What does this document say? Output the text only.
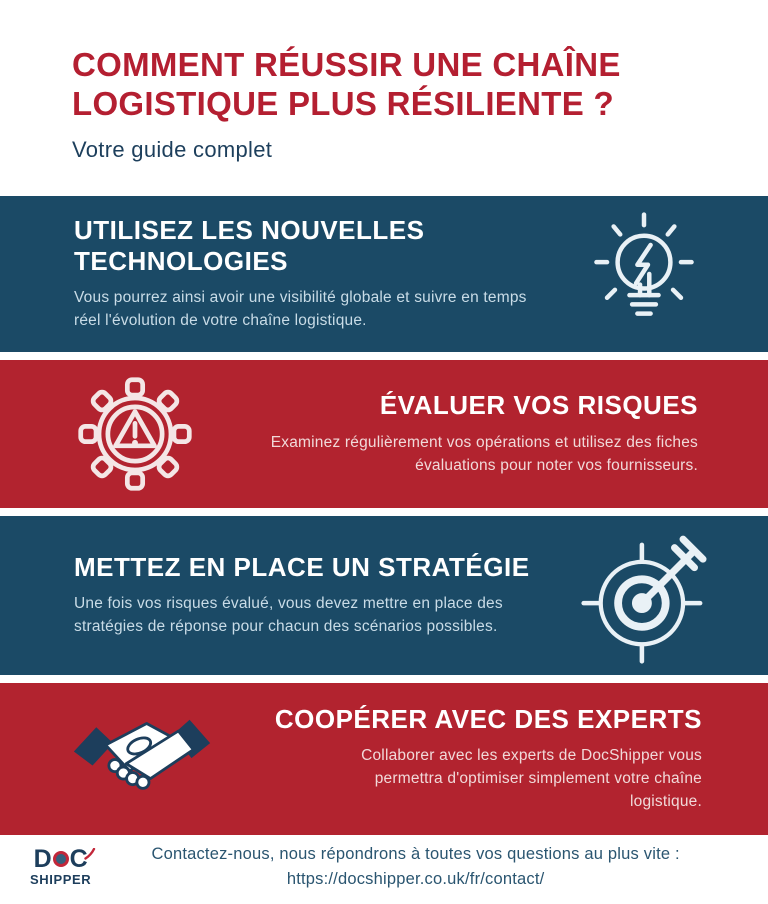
COMMENT RÉUSSIR UNE CHAÎNE LOGISTIQUE PLUS RÉSILIENTE ?
Votre guide complet
UTILISEZ LES NOUVELLES TECHNOLOGIES
Vous pourrez ainsi avoir une visibilité globale et suivre en temps réel l'évolution de votre chaîne logistique.
ÉVALUER VOS RISQUES
Examinez régulièrement vos opérations et utilisez des fiches évaluations pour noter vos fournisseurs.
METTEZ EN PLACE UN STRATÉGIE
Une fois vos risques évalué, vous devez mettre en place des stratégies de réponse pour chacun des scénarios possibles.
COOPÉRER AVEC DES EXPERTS
Collaborer avec les experts de DocShipper vous permettra d'optimiser simplement votre chaîne logistique.
D C
SHIPPER
Contactez-nous, nous répondrons à toutes vos questions au plus vite :
https://docshipper.co.uk/fr/contact/
